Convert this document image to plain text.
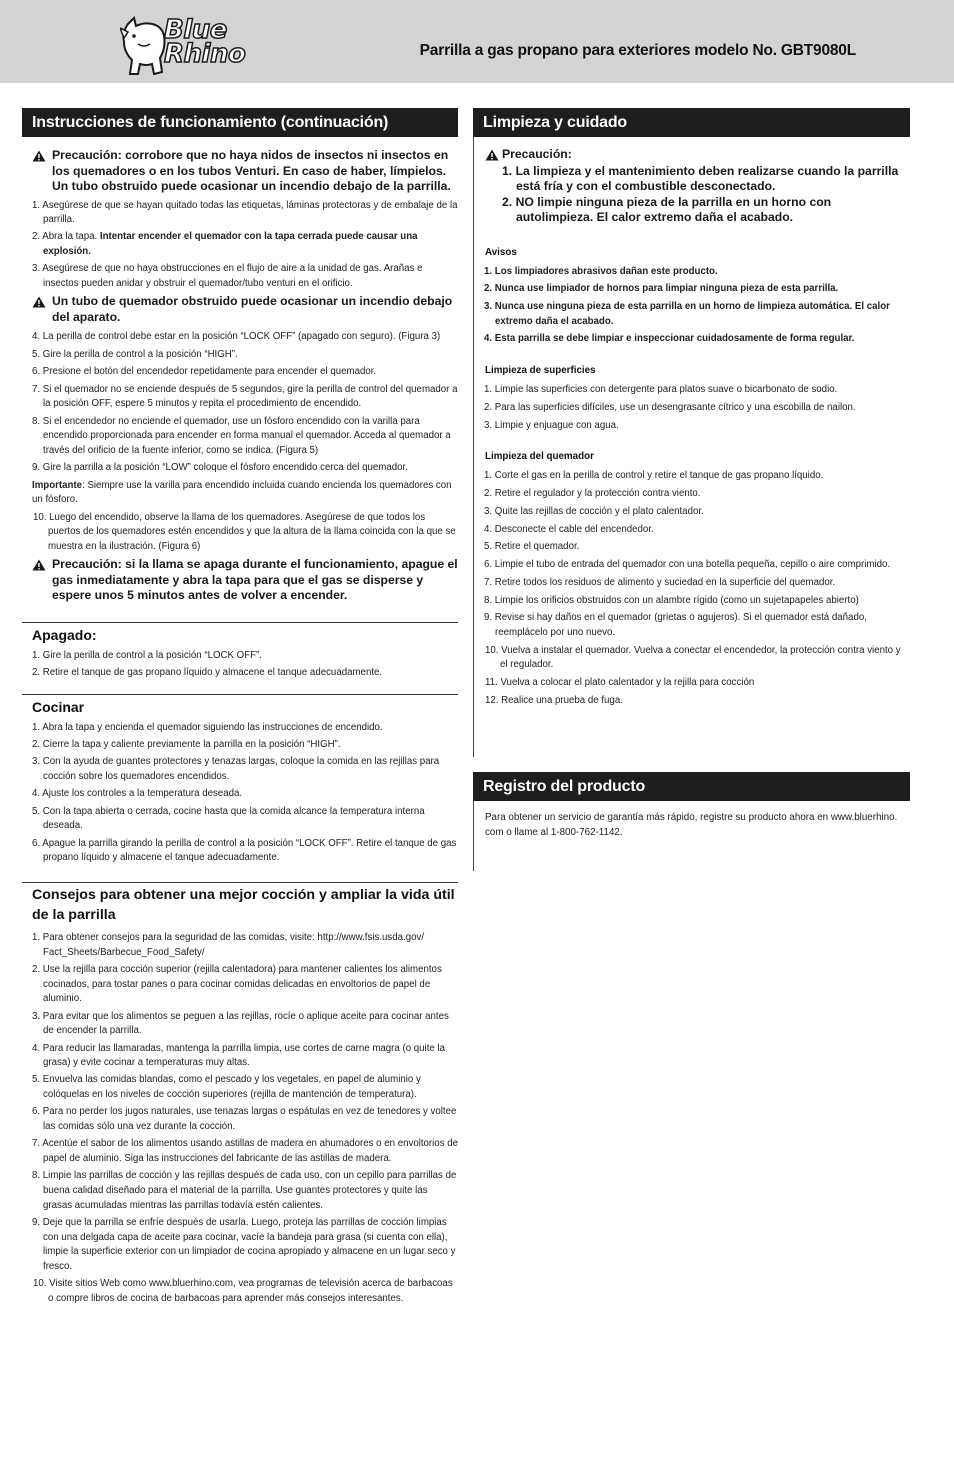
Blue
Rhino	Parrilla a gas propano para exteriores modelo No. GBT9080L
Instrucciones de funcionamiento (continuación)
Precaución: corrobore que no haya nidos de insectos ni insectos en los quemadores o en los tubos Venturi. En caso de haber, límpielos. Un tubo obstruido puede ocasionar un incendio debajo de la parrilla.
1. Asegúrese de que se hayan quitado todas las etiquetas, láminas protectoras y de embalaje de la parrilla.
2. Abra la tapa. Intentar encender el quemador con la tapa cerrada puede causar una explosión.
3. Asegúrese de que no haya obstrucciones en el flujo de aire a la unidad de gas. Arañas e insectos pueden anidar y obstruir el quemador/tubo venturi en el orificio.
Un tubo de quemador obstruido puede ocasionar un incendio debajo del aparato.
4. La perilla de control debe estar en la posición “LOCK OFF” (apagado con seguro). (Figura 3)
5. Gire la perilla de control a la posición “HIGH”.
6. Presione el botón del encendedor repetidamente para encender el quemador.
7. Si el quemador no se enciende después de 5 segundos, gire la perilla de control del quemador a la posición OFF, espere 5 minutos y repita el procedimiento de encendido.
8. Si el encendedor no enciende el quemador, use un fósforo encendido con la varilla para encendido proporcionada para encender en forma manual el quemador. Acceda al quemador a través del orificio de la fuente inferior, como se indica. (Figura 5)
9. Gire la parrilla a la posición “LOW” coloque el fósforo encendido cerca del quemador.
Importante: Siempre use la varilla para encendido incluida cuando encienda los quemadores con un fósforo.
10. Luego del encendido, observe la llama de los quemadores. Asegúrese de que todos los puertos de los quemadores estén encendidos y que la altura de la llama coincida con la que se muestra en la ilustración. (Figura 6)
Precaución: si la llama se apaga durante el funcionamiento, apague el gas inmediatamente y abra la tapa para que el gas se disperse y espere unos 5 minutos antes de volver a encender.
Apagado:
1. Gire la perilla de control a la posición “LOCK OFF”.
2. Retire el tanque de gas propano líquido y almacene el tanque adecuadamente.
Cocinar
1. Abra la tapa y encienda el quemador siguiendo las instrucciones de encendido.
2. Cierre la tapa y caliente previamente la parrilla en la posición “HIGH”.
3. Con la ayuda de guantes protectores y tenazas largas, coloque la comida en las rejillas para cocción sobre los quemadores encendidos.
4. Ajuste los controles a la temperatura deseada.
5. Con la tapa abierta o cerrada, cocine hasta que la comida alcance la temperatura interna deseada.
6. Apague la parrilla girando la perilla de control a la posición “LOCK OFF”. Retire el tanque de gas propano líquido y almacene el tanque adecuadamente.
Consejos para obtener una mejor cocción y ampliar la vida útil de la parrilla
1. Para obtener consejos para la seguridad de las comidas, visite: http://www.fsis.usda.gov/ Fact_Sheets/Barbecue_Food_Safety/
2. Use la rejilla para cocción superior (rejilla calentadora) para mantener calientes los alimentos cocinados, para tostar panes o para cocinar comidas delicadas en envoltorios de papel de aluminio.
3. Para evitar que los alimentos se peguen a las rejillas, rocíe o aplique aceite para cocinar antes de encender la parrilla.
4. Para reducir las llamaradas, mantenga la parrilla limpia, use cortes de carne magra (o quite la grasa) y evite cocinar a temperaturas muy altas.
5. Envuelva las comidas blandas, como el pescado y los vegetales, en papel de aluminio y colóquelas en los niveles de cocción superiores (rejilla de mantención de temperatura).
6. Para no perder los jugos naturales, use tenazas largas o espátulas en vez de tenedores y voltee las comidas sólo una vez durante la cocción.
7. Acentúe el sabor de los alimentos usando astillas de madera en ahumadores o en envoltorios de papel de aluminio. Siga las instrucciones del fabricante de las astillas de madera.
8. Limpie las parrillas de cocción y las rejillas después de cada uso, con un cepillo para parrillas de buena calidad diseñado para el material de la parrilla. Use guantes protectores y quite las grasas acumuladas mientras las parrillas todavía estén calientes.
9. Deje que la parrilla se enfríe después de usarla. Luego, proteja las parrillas de cocción limpias con una delgada capa de aceite para cocinar, vacíe la bandeja para grasa (si cuenta con ella), limpie la superficie exterior con un limpiador de cocina apropiado y almacene en un lugar seco y fresco.
10. Visite sitios Web como www.bluerhino.com, vea programas de televisión acerca de barbacoas o compre libros de cocina de barbacoas para aprender más consejos interesantes.
Limpieza y cuidado
Precaución:
1. La limpieza y el mantenimiento deben realizarse cuando la parrilla está fría y con el combustible desconectado.
2. NO limpie ninguna pieza de la parrilla en un horno con autolimpieza. El calor extremo daña el acabado.
Avisos
1. Los limpiadores abrasivos dañan este producto.
2. Nunca use limpiador de hornos para limpiar ninguna pieza de esta parrilla.
3. Nunca use ninguna pieza de esta parrilla en un horno de limpieza automática. El calor extremo daña el acabado.
4. Esta parrilla se debe limpiar e inspeccionar cuidadosamente de forma regular.
Limpieza de superficies
1. Limpie las superficies con detergente para platos suave o bicarbonato de sodio.
2. Para las superficies difíciles, use un desengrasante cítrico y una escobilla de nailon.
3. Limpie y enjuague con agua.
Limpieza del quemador
1. Corte el gas en la perilla de control y retire el tanque de gas propano líquido.
2. Retire el regulador y la protección contra viento.
3. Quite las rejillas de cocción y el plato calentador.
4. Desconecte el cable del encendedor.
5. Retire el quemador.
6. Limpie el tubo de entrada del quemador con una botella pequeña, cepillo o aire comprimido.
7. Retire todos los residuos de alimento y suciedad en la superficie del quemador.
8. Limpie los orificios obstruidos con un alambre rígido (como un sujetapapeles abierto)
9. Revise si hay daños en el quemador (grietas o agujeros). Si el quemador está dañado, reemplácelo por uno nuevo.
10. Vuelva a instalar el quemador. Vuelva a conectar el encendedor, la protección contra viento y el regulador.
11. Vuelva a colocar el plato calentador y la rejilla para cocción
12. Realice una prueba de fuga.
Registro del producto
Para obtener un servicio de garantía más rápido, registre su producto ahora en www.bluerhino. com o llame al 1-800-762-1142.
